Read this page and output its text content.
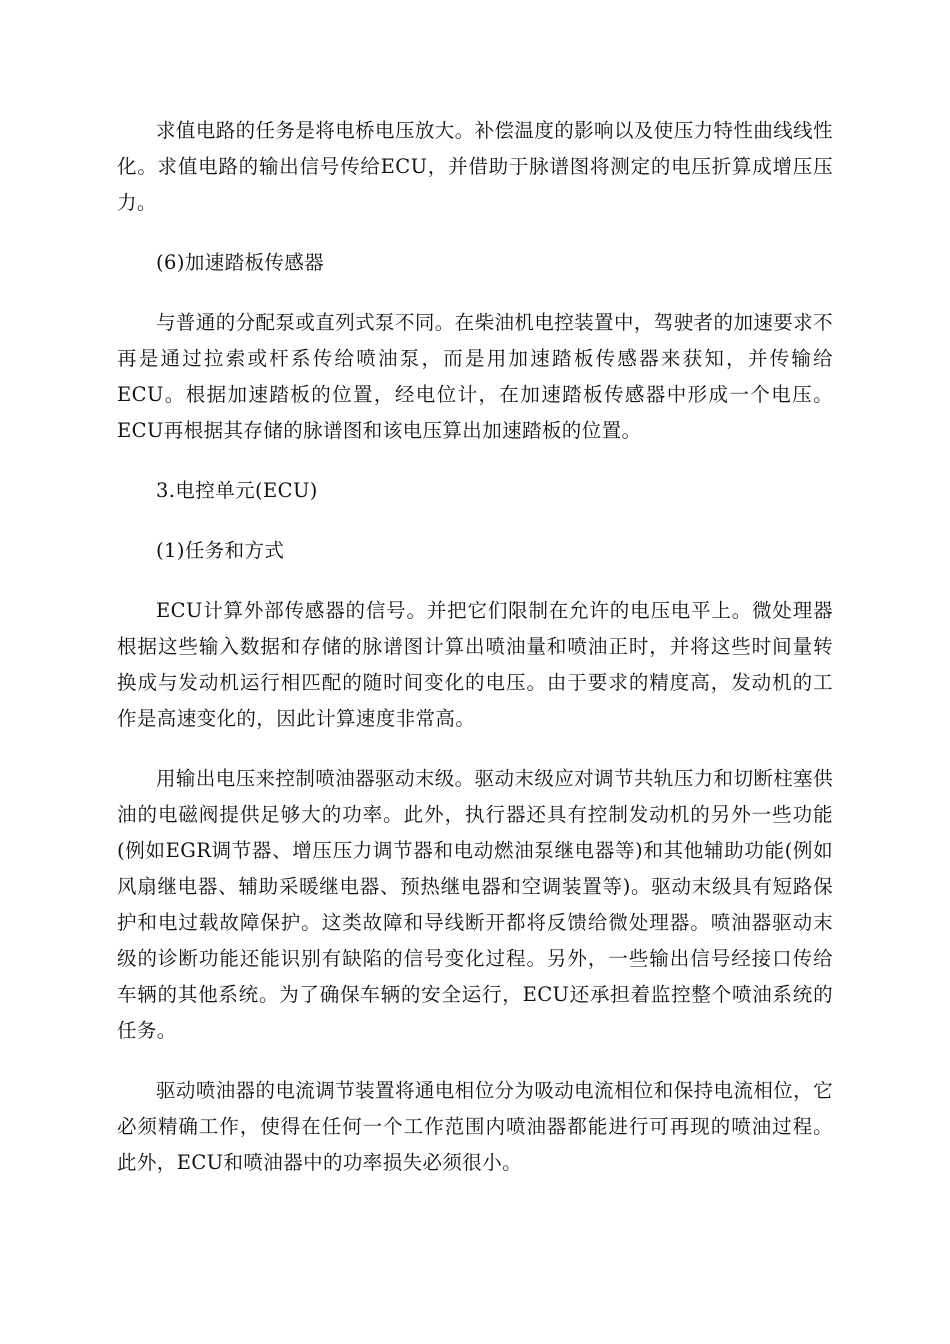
求值电路的任务是将电桥电压放大。补偿温度的影响以及使压力特性曲线线性化。求值电路的输出信号传给ECU，并借助于脉谱图将测定的电压折算成增压压力。

(6)加速踏板传感器

与普通的分配泵或直列式泵不同。在柴油机电控装置中，驾驶者的加速要求不再是通过拉索或杆系传给喷油泵，而是用加速踏板传感器来获知，并传输给ECU。根据加速踏板的位置，经电位计，在加速踏板传感器中形成一个电压。ECU再根据其存储的脉谱图和该电压算出加速踏板的位置。

3.电控单元(ECU)

(1)任务和方式

ECU计算外部传感器的信号。并把它们限制在允许的电压电平上。微处理器根据这些输入数据和存储的脉谱图计算出喷油量和喷油正时，并将这些时间量转换成与发动机运行相匹配的随时间变化的电压。由于要求的精度高，发动机的工作是高速变化的，因此计算速度非常高。

用输出电压来控制喷油器驱动末级。驱动末级应对调节共轨压力和切断柱塞供油的电磁阀提供足够大的功率。此外，执行器还具有控制发动机的另外一些功能(例如EGR调节器、增压压力调节器和电动燃油泵继电器等)和其他辅助功能(例如风扇继电器、辅助采暖继电器、预热继电器和空调装置等)。驱动末级具有短路保护和电过载故障保护。这类故障和导线断开都将反馈给微处理器。喷油器驱动末级的诊断功能还能识别有缺陷的信号变化过程。另外，一些输出信号经接口传给车辆的其他系统。为了确保车辆的安全运行，ECU还承担着监控整个喷油系统的任务。

驱动喷油器的电流调节装置将通电相位分为吸动电流相位和保持电流相位，它必须精确工作，使得在任何一个工作范围内喷油器都能进行可再现的喷油过程。此外，ECU和喷油器中的功率损失必须很小。
